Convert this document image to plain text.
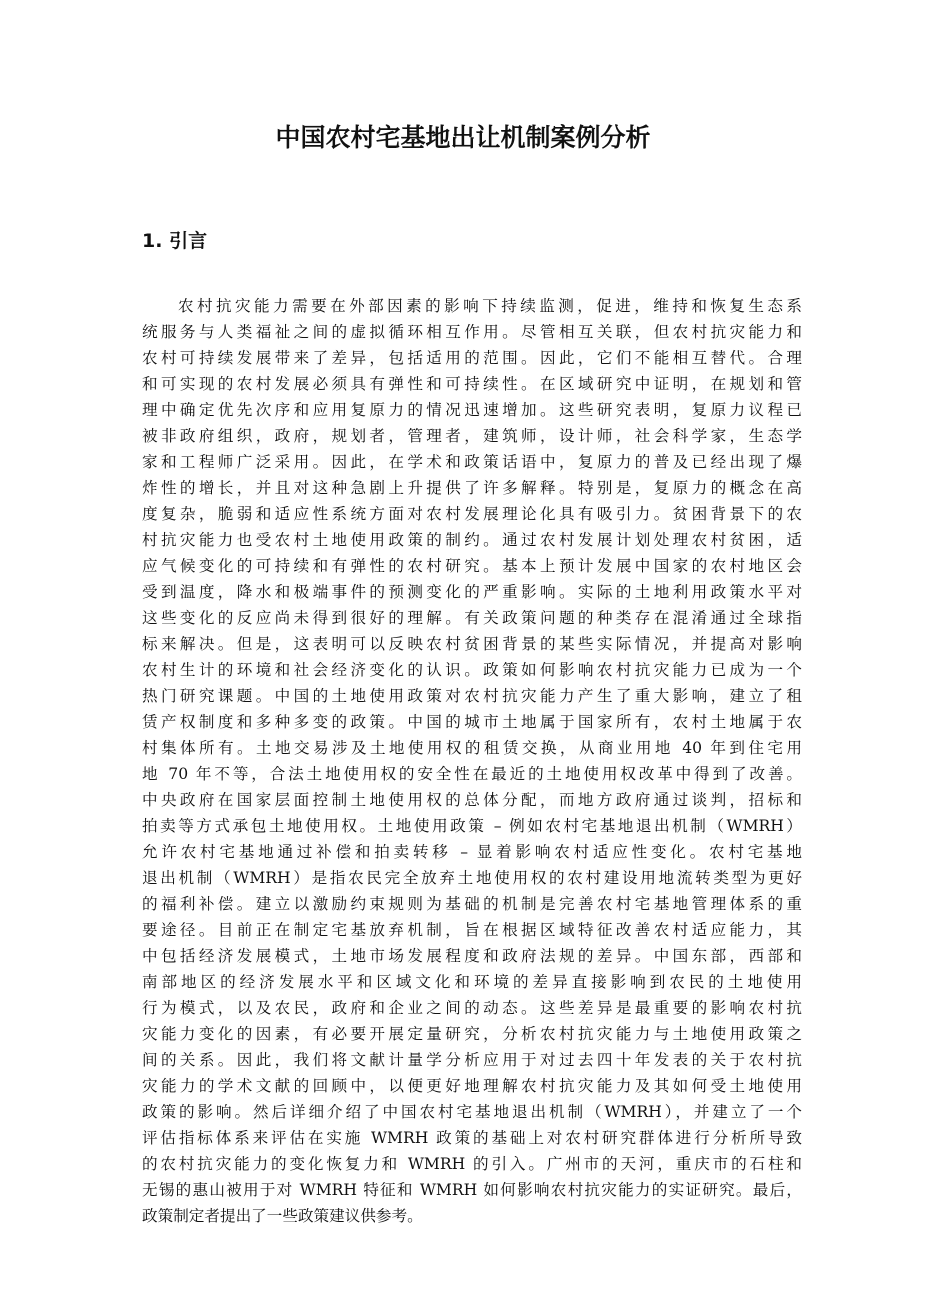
中国农村宅基地出让机制案例分析
1. 引言
农村抗灾能力需要在外部因素的影响下持续监测，促进，维持和恢复生态系
统服务与人类福祉之间的虚拟循环相互作用。尽管相互关联，但农村抗灾能力和
农村可持续发展带来了差异，包括适用的范围。因此，它们不能相互替代。合理
和可实现的农村发展必须具有弹性和可持续性。在区域研究中证明，在规划和管
理中确定优先次序和应用复原力的情况迅速增加。这些研究表明，复原力议程已
被非政府组织，政府，规划者，管理者，建筑师，设计师，社会科学家，生态学
家和工程师广泛采用。因此，在学术和政策话语中，复原力的普及已经出现了爆
炸性的增长，并且对这种急剧上升提供了许多解释。特别是，复原力的概念在高
度复杂，脆弱和适应性系统方面对农村发展理论化具有吸引力。贫困背景下的农
村抗灾能力也受农村土地使用政策的制约。通过农村发展计划处理农村贫困，适
应气候变化的可持续和有弹性的农村研究。基本上预计发展中国家的农村地区会
受到温度，降水和极端事件的预测变化的严重影响。实际的土地利用政策水平对
这些变化的反应尚未得到很好的理解。有关政策问题的种类存在混淆通过全球指
标来解决。但是，这表明可以反映农村贫困背景的某些实际情况，并提高对影响
农村生计的环境和社会经济变化的认识。政策如何影响农村抗灾能力已成为一个
热门研究课题。中国的土地使用政策对农村抗灾能力产生了重大影响，建立了租
赁产权制度和多种多变的政策。中国的城市土地属于国家所有，农村土地属于农
村集体所有。土地交易涉及土地使用权的租赁交换，从商业用地 40 年到住宅用
地 70 年不等，合法土地使用权的安全性在最近的土地使用权改革中得到了改善。
中央政府在国家层面控制土地使用权的总体分配，而地方政府通过谈判，招标和
拍卖等方式承包土地使用权。土地使用政策 – 例如农村宅基地退出机制（WMRH）
允许农村宅基地通过补偿和拍卖转移 – 显着影响农村适应性变化。农村宅基地
退出机制（WMRH）是指农民完全放弃土地使用权的农村建设用地流转类型为更好
的福利补偿。建立以激励约束规则为基础的机制是完善农村宅基地管理体系的重
要途径。目前正在制定宅基放弃机制，旨在根据区域特征改善农村适应能力，其
中包括经济发展模式，土地市场发展程度和政府法规的差异。中国东部，西部和
南部地区的经济发展水平和区域文化和环境的差异直接影响到农民的土地使用
行为模式，以及农民，政府和企业之间的动态。这些差异是最重要的影响农村抗
灾能力变化的因素，有必要开展定量研究，分析农村抗灾能力与土地使用政策之
间的关系。因此，我们将文献计量学分析应用于对过去四十年发表的关于农村抗
灾能力的学术文献的回顾中，以便更好地理解农村抗灾能力及其如何受土地使用
政策的影响。然后详细介绍了中国农村宅基地退出机制（WMRH），并建立了一个
评估指标体系来评估在实施 WMRH 政策的基础上对农村研究群体进行分析所导致
的农村抗灾能力的变化恢复力和 WMRH 的引入。广州市的天河，重庆市的石柱和
无锡的惠山被用于对 WMRH 特征和 WMRH 如何影响农村抗灾能力的实证研究。最后，
政策制定者提出了一些政策建议供参考。
